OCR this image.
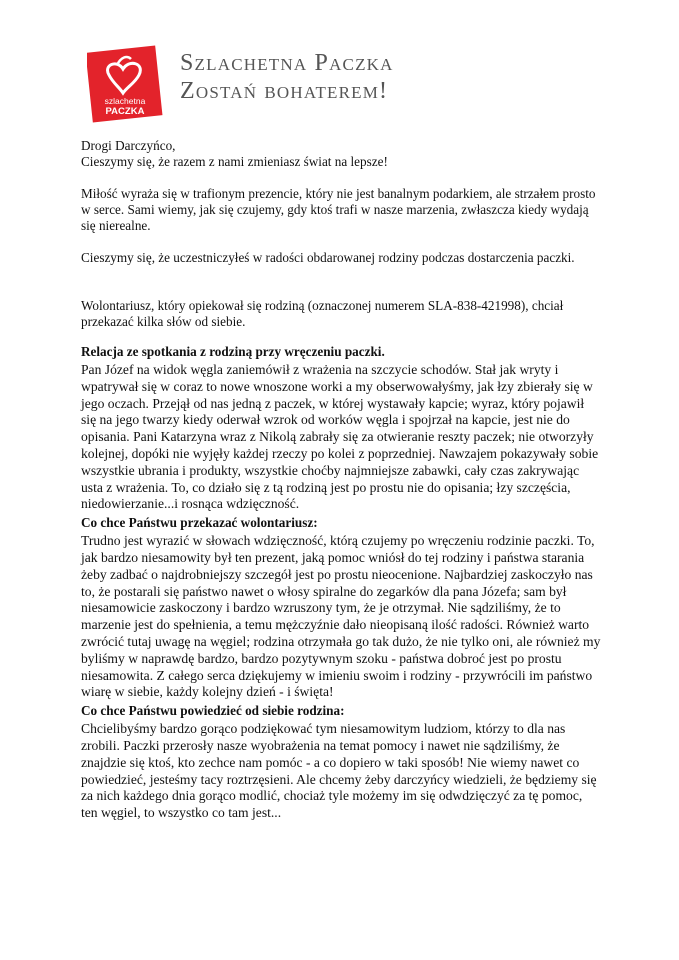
szlachetna
PACZKA
Szlachetna Paczka
Zostań bohaterem!

Drogi Darczyńco,

Cieszymy się, że razem z nami zmieniasz świat na lepsze!

Miłość wyraża się w trafionym prezencie, który nie jest banalnym podarkiem, ale strzałem prosto w serce. Sami wiemy, jak się czujemy, gdy ktoś trafi w nasze marzenia, zwłaszcza kiedy wydają się nierealne.

Cieszymy się, że uczestniczyłeś w radości obdarowanej rodziny podczas dostarczenia paczki.

Wolontariusz, który opiekował się rodziną (oznaczonej numerem SLA-838-421998), chciał przekazać kilka słów od siebie.

Relacja ze spotkania z rodziną przy wręczeniu paczki.

Pan Józef na widok węgla zaniemówił z wrażenia na szczycie schodów. Stał jak wryty i wpatrywał się w coraz to nowe wnoszone worki a my obserwowałyśmy, jak łzy zbierały się w jego oczach. Przejął od nas jedną z paczek, w której wystawały kapcie; wyraz, który pojawił się na jego twarzy kiedy oderwał wzrok od worków węgla i spojrzał na kapcie, jest nie do opisania. Pani Katarzyna wraz z Nikolą zabrały się za otwieranie reszty paczek; nie otworzyły kolejnej, dopóki nie wyjęły każdej rzeczy po kolei z poprzedniej. Nawzajem pokazywały sobie wszystkie ubrania i produkty, wszystkie choćby najmniejsze zabawki, cały czas zakrywając usta z wrażenia. To, co działo się z tą rodziną jest po prostu nie do opisania; łzy szczęścia, niedowierzanie...i rosnąca wdzięczność.

Co chce Państwu przekazać wolontariusz:

Trudno jest wyrazić w słowach wdzięczność, którą czujemy po wręczeniu rodzinie paczki. To, jak bardzo niesamowity był ten prezent, jaką pomoc wniósł do tej rodziny i państwa starania żeby zadbać o najdrobniejszy szczegół jest po prostu nieocenione. Najbardziej zaskoczyło nas to, że postarali się państwo nawet o włosy spiralne do zegarków dla pana Józefa; sam był niesamowicie zaskoczony i bardzo wzruszony tym, że je otrzymał. Nie sądziliśmy, że to marzenie jest do spełnienia, a temu mężczyźnie dało nieopisaną ilość radości. Również warto zwrócić tutaj uwagę na węgiel; rodzina otrzymała go tak dużo, że nie tylko oni, ale również my byliśmy w naprawdę bardzo, bardzo pozytywnym szoku - państwa dobroć jest po prostu niesamowita. Z całego serca dziękujemy w imieniu swoim i rodziny - przywrócili im państwo wiarę w siebie, każdy kolejny dzień - i święta!

Co chce Państwu powiedzieć od siebie rodzina:

Chcielibyśmy bardzo gorąco podziękować tym niesamowitym ludziom, którzy to dla nas zrobili. Paczki przerosły nasze wyobrażenia na temat pomocy i nawet nie sądziliśmy, że znajdzie się ktoś, kto zechce nam pomóc - a co dopiero w taki sposób! Nie wiemy nawet co powiedzieć, jesteśmy tacy roztrzęsieni. Ale chcemy żeby darczyńcy wiedzieli, że będziemy się za nich każdego dnia gorąco modlić, chociaż tyle możemy im się odwdzięczyć za tę pomoc, ten węgiel, to wszystko co tam jest...
